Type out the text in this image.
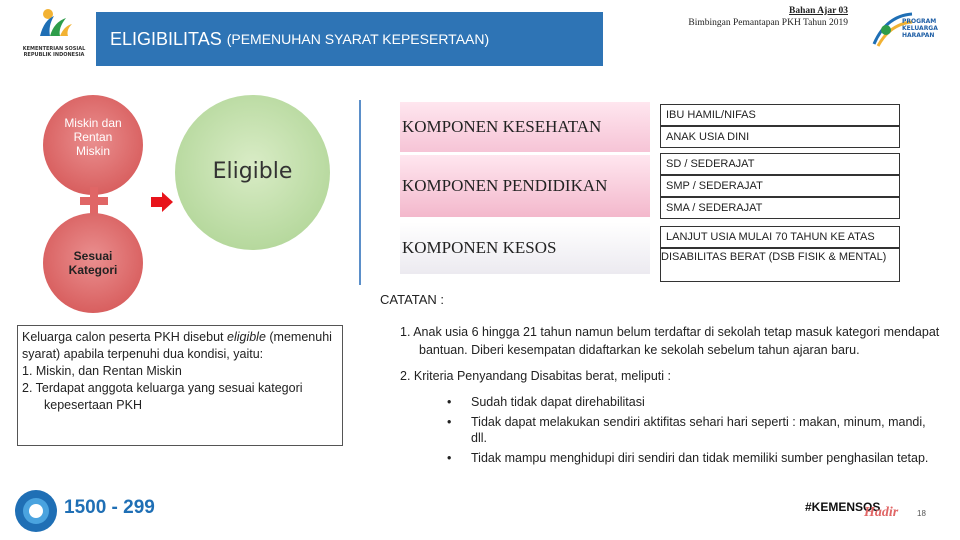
KEMENTERIAN SOSIAL REPUBLIK INDONESIA
ELIGIBILITAS (PEMENUHAN SYARAT KEPESERTAAN)
Bahan Ajar 03
Bimbingan Pemantapan PKH Tahun 2019	PROGRAM KELUARGA HARAPAN
Miskin dan Rentan Miskin
Sesuai Kategori
Eligible
KOMPONEN KESEHATAN
KOMPONEN PENDIDIKAN
KOMPONEN KESOS
IBU HAMIL/NIFAS
ANAK USIA DINI
SD / SEDERAJAT
SMP / SEDERAJAT
SMA / SEDERAJAT
LANJUT USIA MULAI 70 TAHUN KE ATAS
DISABILITAS BERAT (DSB FISIK & MENTAL)
Keluarga calon peserta PKH disebut eligible (memenuhi syarat) apabila terpenuhi dua kondisi, yaitu:
1. Miskin, dan Rentan Miskin
2. Terdapat anggota keluarga yang sesuai kategori kepesertaan PKH
CATATAN :
1. Anak usia 6 hingga 21 tahun namun belum terdaftar di sekolah tetap masuk kategori mendapat bantuan. Diberi kesempatan didaftarkan ke sekolah sebelum tahun ajaran baru.
2. Kriteria Penyandang Disabitas berat, meliputi :
• Sudah tidak dapat direhabilitasi
• Tidak dapat melakukan sendiri aktifitas sehari hari seperti : makan, minum, mandi, dll.
• Tidak mampu menghidupi diri sendiri dan tidak memiliki sumber penghasilan tetap.
1500 - 299	#KEMENSOS
Hadir 18
